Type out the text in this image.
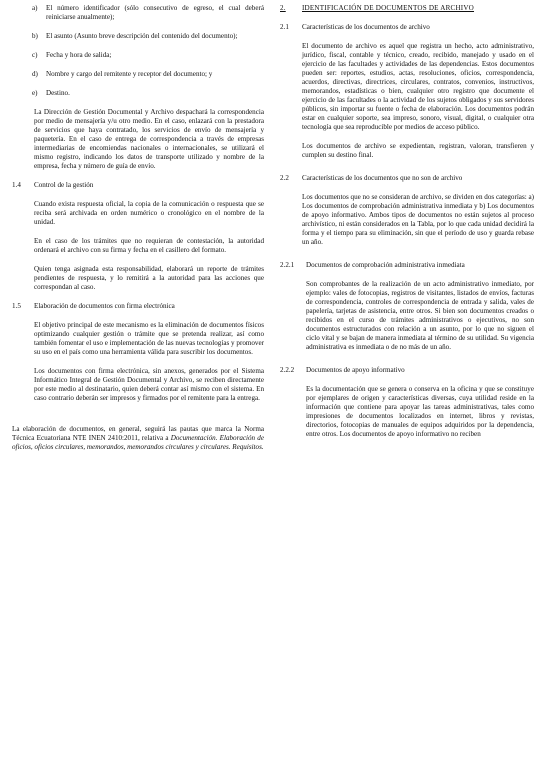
a)	El número identificador (sólo consecutivo de egreso, el cual deberá reiniciarse anualmente);
b)	El asunto (Asunto breve descripción del contenido del documento);
c)	Fecha y hora de salida;
d)	Nombre y cargo del remitente y receptor del documento; y
e)	Destino.

La Dirección de Gestión Documental y Archivo despachará la correspondencia por medio de mensajería y/u otro medio. En el caso, enlazará con la prestadora de servicios que haya contratado, los servicios de envío de mensajería y paquetería. En el caso de entrega de correspondencia a través de empresas intermediarias de encomiendas nacionales o internacionales, se utilizará el mismo registro, indicando los datos de transporte utilizado y nombre de la empresa, fecha y número de guía de envío.

1.4	Control de la gestión

Cuando exista respuesta oficial, la copia de la comunicación o respuesta que se reciba será archivada en orden numérico o cronológico en el nombre de la unidad.

En el caso de los trámites que no requieran de contestación, la autoridad ordenará el archivo con su firma y fecha en el casillero del formato.

Quien tenga asignada esta responsabilidad, elaborará un reporte de trámites pendientes de respuesta, y lo remitirá a la autoridad para las acciones que correspondan al caso.

1.5	Elaboración de documentos con firma electrónica

El objetivo principal de este mecanismo es la eliminación de documentos físicos optimizando cualquier gestión o trámite que se pretenda realizar, así como también fomentar el uso e implementación de las nuevas tecnologías y promover su uso en el país como una herramienta válida para suscribir los documentos.

Los documentos con firma electrónica, sin anexos, generados por el Sistema Informático Integral de Gestión Documental y Archivo, se reciben directamente por este medio al destinatario, quien deberá contar así mismo con el sistema. En caso contrario deberán ser impresos y firmados por el remitente para la entrega.

La elaboración de documentos, en general, seguirá las pautas que marca la Norma Técnica Ecuatoriana NTE INEN 2410:2011, relativa a Documentación. Elaboración de oficios, oficios circulares, memorandos, memorandos circulares y circulares. Requisitos.

2.	IDENTIFICACIÓN DE DOCUMENTOS DE ARCHIVO
2.1	Características de los documentos de archivo

El documento de archivo es aquel que registra un hecho, acto administrativo, jurídico, fiscal, contable y técnico, creado, recibido, manejado y usado en el ejercicio de las facultades y actividades de las dependencias. Estos documentos pueden ser: reportes, estudios, actas, resoluciones, oficios, correspondencia, acuerdos, directivas, directrices, circulares, contratos, convenios, instructivos, memorandos, estadísticas o bien, cualquier otro registro que documente el ejercicio de las facultades o la actividad de los sujetos obligados y sus servidores públicos, sin importar su fuente o fecha de elaboración. Los documentos podrán estar en cualquier soporte, sea impreso, sonoro, visual, digital, o cualquier otra tecnología que sea reproducible por medios de acceso público.

Los documentos de archivo se expedientan, registran, valoran, transfieren y cumplen su destino final.

2.2	Características de los documentos que no son de archivo

Los documentos que no se consideran de archivo, se dividen en dos categorías: a) Los documentos de comprobación administrativa inmediata y b) Los documentos de apoyo informativo. Ambos tipos de documentos no están sujetos al proceso archivístico, ni están considerados en la Tabla, por lo que cada unidad decidirá la forma y el tiempo para su eliminación, sin que el período de uso y guarda rebase un año.

2.2.1	Documentos de comprobación administrativa inmediata

Son comprobantes de la realización de un acto administrativo inmediato, por ejemplo: vales de fotocopias, registros de visitantes, listados de envíos, facturas de correspondencia, controles de correspondencia de entrada y salida, vales de papelería, tarjetas de asistencia, entre otros. Si bien son documentos creados o recibidos en el curso de trámites administrativos o ejecutivos, no son documentos estructurados con relación a un asunto, por lo que no siguen el ciclo vital y se bajan de manera inmediata al término de su utilidad. Su vigencia administrativa es inmediata o de no más de un año.

2.2.2	Documentos de apoyo informativo

Es la documentación que se genera o conserva en la oficina y que se constituye por ejemplares de origen y características diversas, cuya utilidad reside en la información que contiene para apoyar las tareas administrativas, tales como impresiones de documentos localizados en internet, libros y revistas, directorios, fotocopias de manuales de equipos adquiridos por la dependencia, entre otros. Los documentos de apoyo informativo no reciben
